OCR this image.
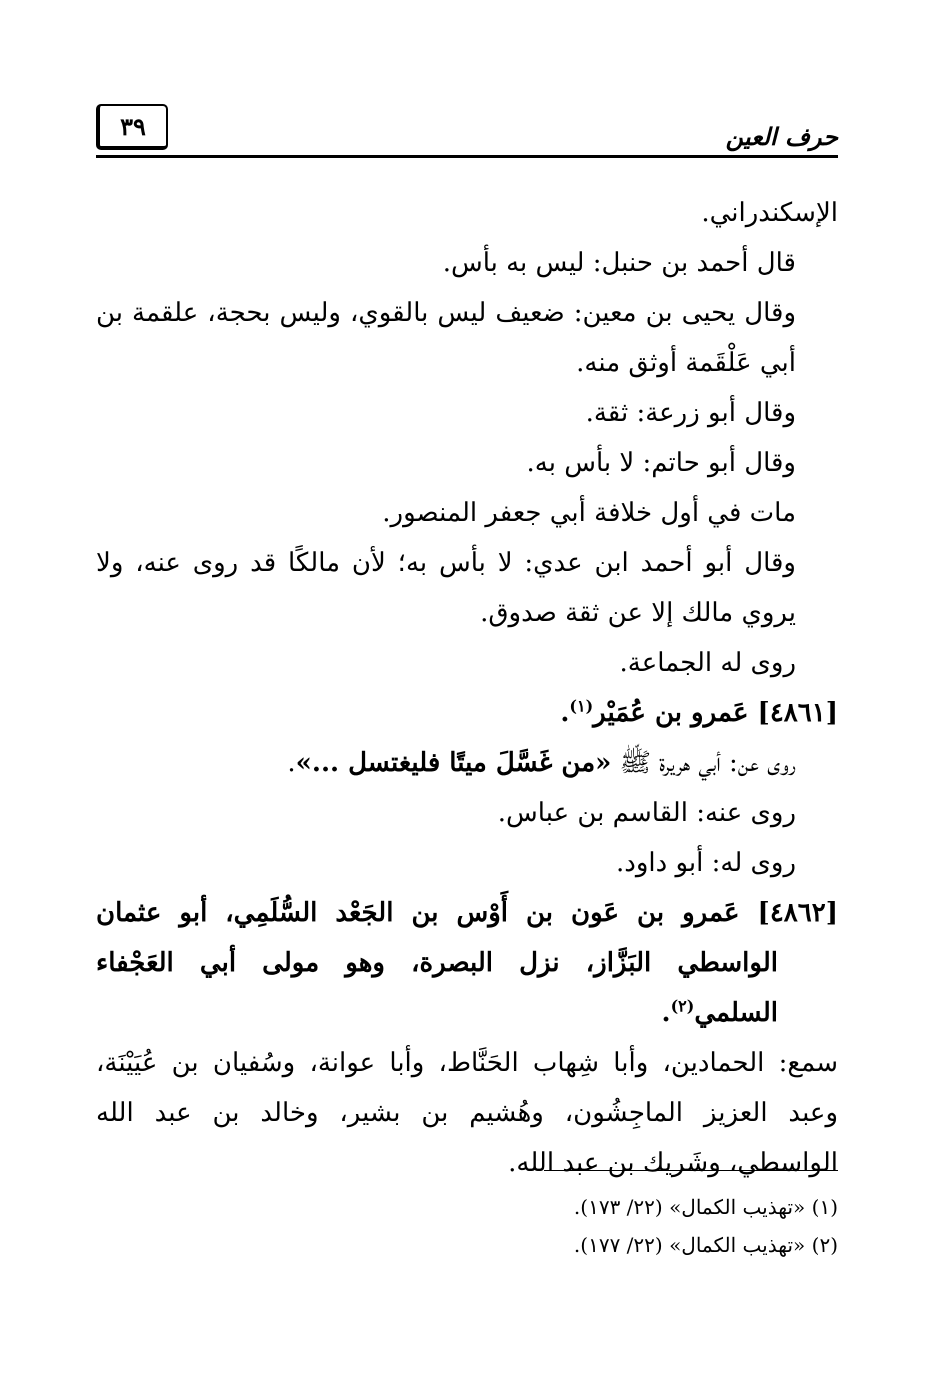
حرف العين
٣٩

الإسكندراني.

قال أحمد بن حنبل: ليس به بأس.

وقال يحيى بن معين: ضعيف ليس بالقوي، وليس بحجة، علقمة بن أبي عَلْقَمة أوثق منه.

وقال أبو زرعة: ثقة.

وقال أبو حاتم: لا بأس به.

مات في أول خلافة أبي جعفر المنصور.

وقال أبو أحمد ابن عدي: لا بأس به؛ لأن مالكًا قد روى عنه، ولا يروي مالك إلا عن ثقة صدوق.

روى له الجماعة.

[٤٨٦١] عَمرو بن عُمَيْر$^{(١)}$.

روى عن: أبي هريرة ﷺ «من غَسَّلَ ميتًا فليغتسل ...».

روى عنه: القاسم بن عباس.

روى له: أبو داود.

[٤٨٦٢] عَمرو بن عَون بن أَوْس بن الجَعْد السُّلَمِي، أبو عثمان الواسطي البَزَّاز، نزل البصرة، وهو مولى أبي العَجْفاء السلمي$^{(٢)}$.

سمع: الحمادين، وأبا شِهاب الحَنَّاط، وأبا عوانة، وسُفيان بن عُيَيْنَة، وعبد العزيز الماجِشُون، وهُشيم بن بشير، وخالد بن عبد الله الواسطي، وشَريك بن عبد الله.

(١) «تهذيب الكمال» (٢٢/ ١٧٣).

(٢) «تهذيب الكمال» (٢٢/ ١٧٧).
